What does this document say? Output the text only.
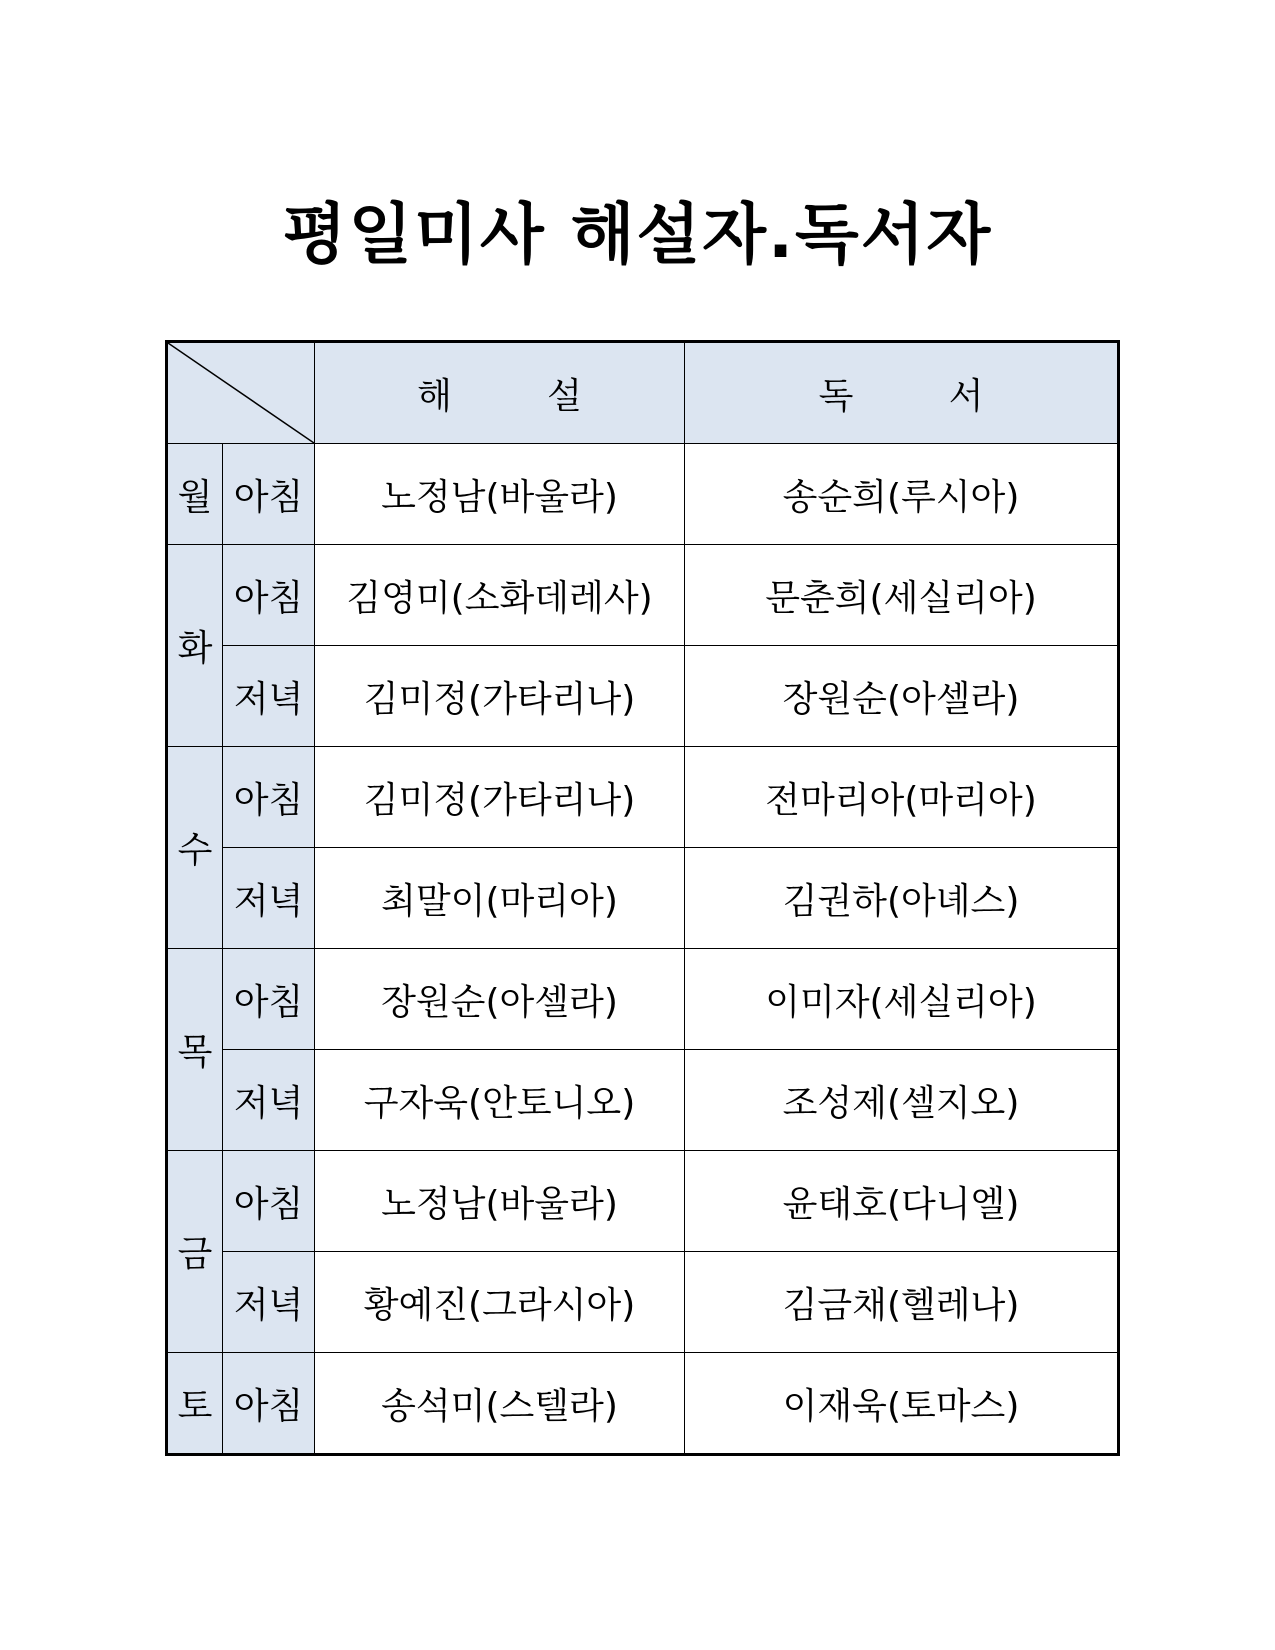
평일미사 해설자.독서자
	해 설	독 서
월	아침	노정남(바울라)	송순희(루시아)
화	아침	김영미(소화데레사)	문춘희(세실리아)
	저녁	김미정(가타리나)	장원순(아셀라)
수	아침	김미정(가타리나)	전마리아(마리아)
	저녁	최말이(마리아)	김권하(아녜스)
목	아침	장원순(아셀라)	이미자(세실리아)
	저녁	구자욱(안토니오)	조성제(셀지오)
금	아침	노정남(바울라)	윤태호(다니엘)
	저녁	황예진(그라시아)	김금채(헬레나)
토	아침	송석미(스텔라)	이재욱(토마스)
